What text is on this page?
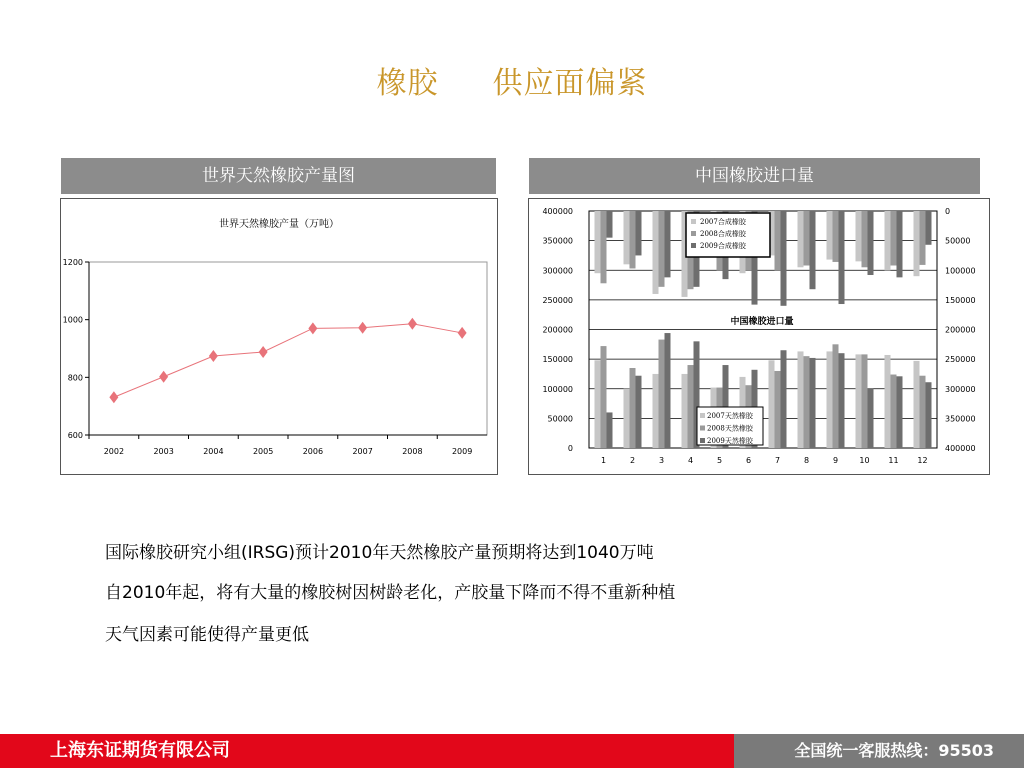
橡胶 供应面偏紧
世界天然橡胶产量图	中国橡胶进口量
世界天然橡胶产量（万吨）
600
800
1000
1200
2002	2003	2004	2005	2006	2007	2008	2009
400000
350000
300000
250000
200000
150000
100000
50000
0
0
50000
100000
150000
200000
250000
300000
350000
400000
1	2	3	4	5	6	7	8	9	10 11 12
2007合成橡胶
2008合成橡胶
2009合成橡胶
2007天然橡胶
2008天然橡胶
2009天然橡胶
中国橡胶进口量
国际橡胶研究小组(IRSG)预计2010年天然橡胶产量预期将达到1040万吨
自2010年起，将有大量的橡胶树因树龄老化，产胶量下降而不得不重新种植
天气因素可能使得产量更低
上海东证期货有限公司	全国统一客服热线：95503
